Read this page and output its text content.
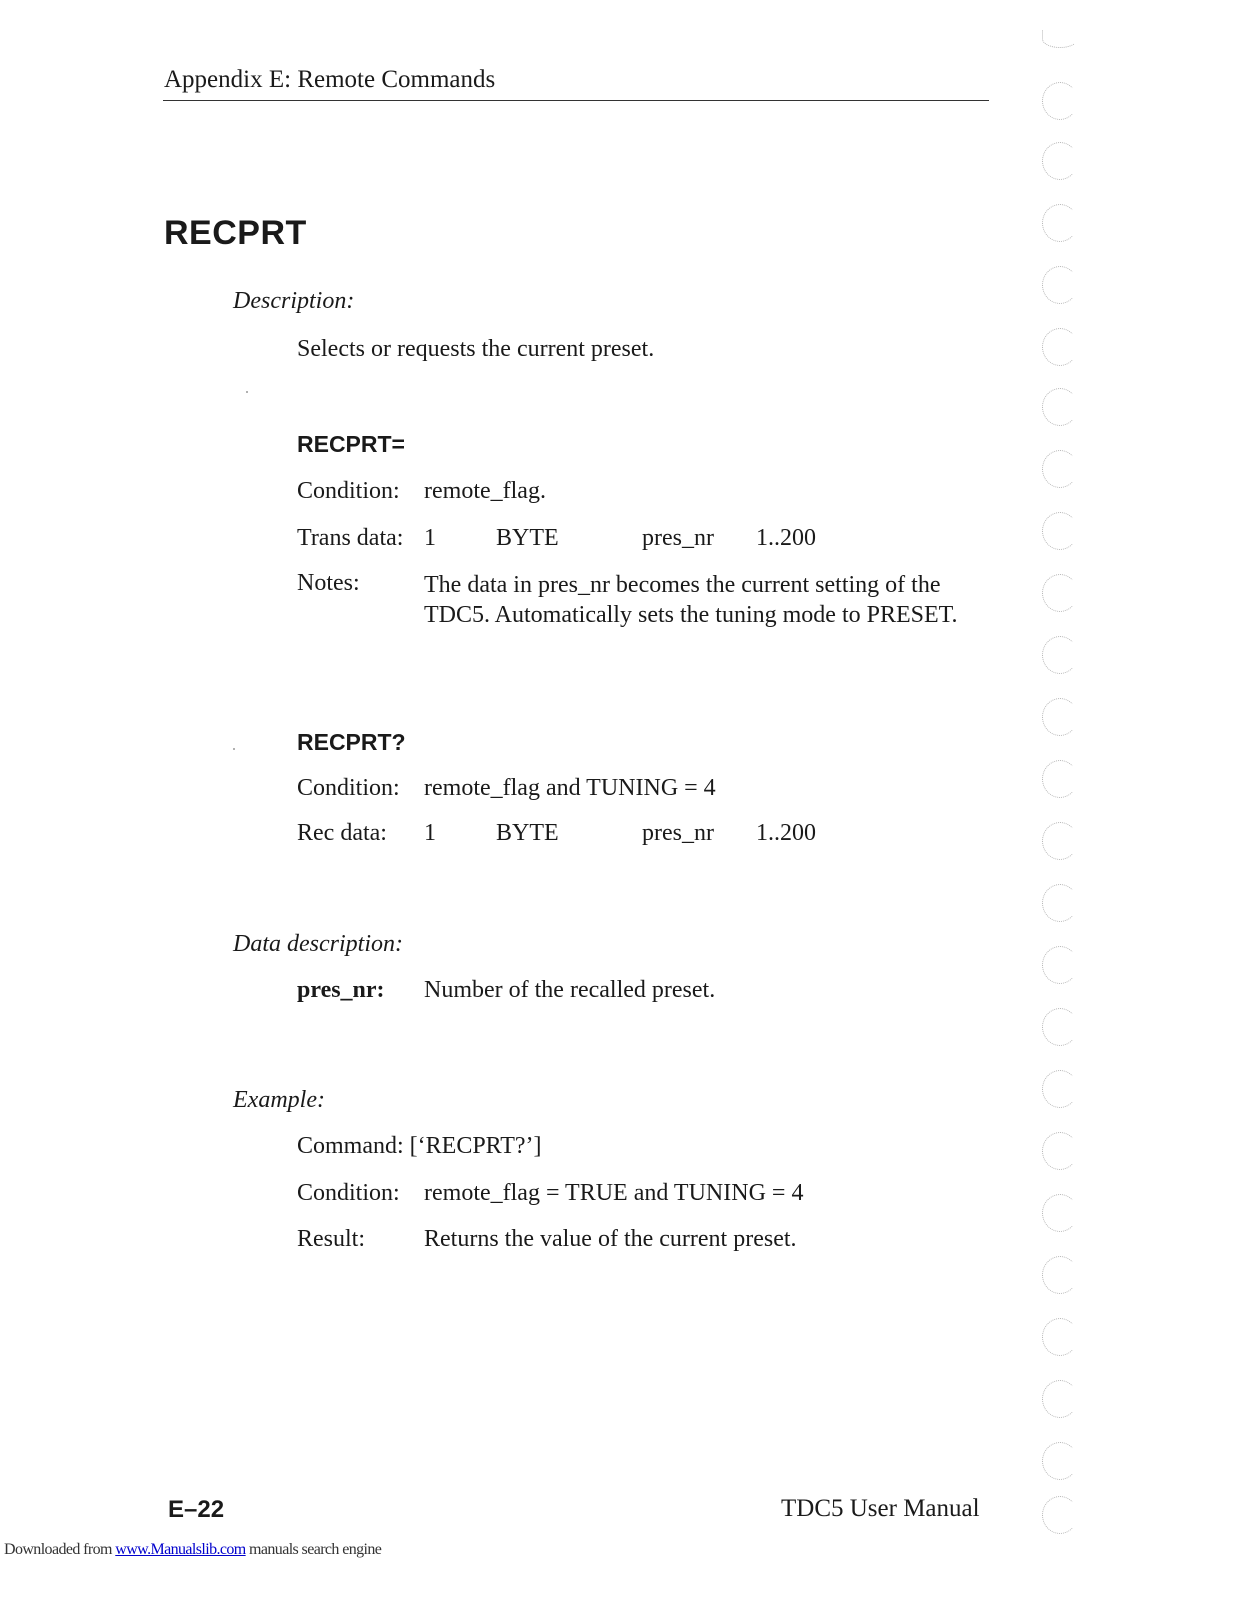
Appendix E: Remote Commands
RECPRT
Description:
Selects or requests the current preset.
RECPRT=
Condition: remote_flag.
Trans data: 1	BYTE	pres_nr 1..200
Notes:	The data in pres_nr becomes the current setting of the TDC5. Automatically sets the tuning mode to PRESET.
RECPRT?
Condition: remote_flag and TUNING = 4
Rec data: 1	BYTE	pres_nr 1..200
Data description:
pres_nr: Number of the recalled preset.
Example:
Command: [‘RECPRT?’]
Condition: remote_flag = TRUE and TUNING = 4
Result: Returns the value of the current preset.
E–22	TDC5 User Manual
Downloaded from www.Manualslib.com manuals search engine
